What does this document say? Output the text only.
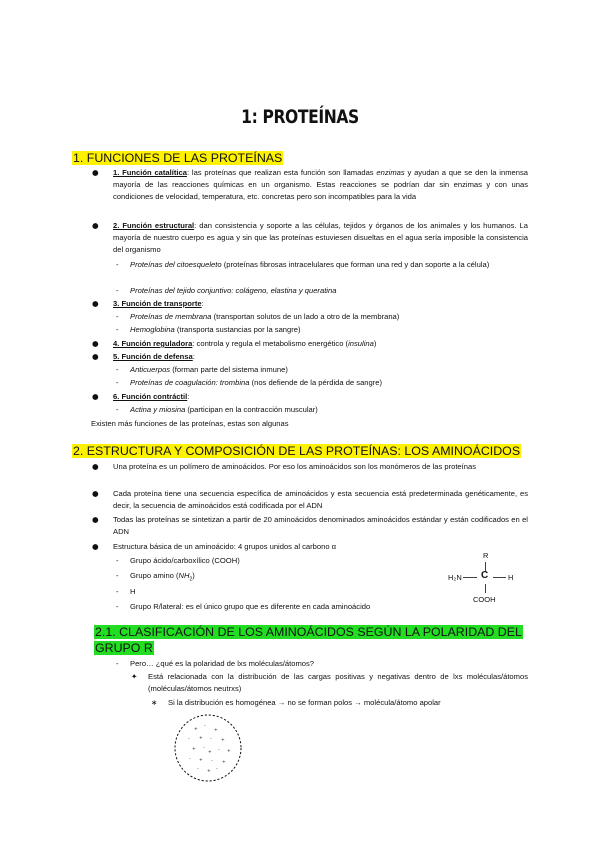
1: PROTEÍNAS
1. FUNCIONES DE LAS PROTEÍNAS
● 1. Función catalítica: las proteínas que realizan esta función son llamadas enzimas y ayudan a que se den la inmensa mayoría de las reacciones químicas en un organismo. Estas reacciones se podrían dar sin enzimas y con unas condiciones de velocidad, temperatura, etc. concretas pero son incompatibles para la vida
● 2. Función estructural: dan consistencia y soporte a las células, tejidos y órganos de los animales y los humanos. La mayoría de nuestro cuerpo es agua y sin que las proteínas estuviesen disueltas en el agua sería imposible la consistencia del organismo
- Proteínas del citoesqueleto (proteínas fibrosas intracelulares que forman una red y dan soporte a la célula)
- Proteínas del tejido conjuntivo: colágeno, elastina y queratina
● 3. Función de transporte:
- Proteínas de membrana (transportan solutos de un lado a otro de la membrana)
- Hemoglobina (transporta sustancias por la sangre)
● 4. Función reguladora: controla y regula el metabolismo energético (insulina)
● 5. Función de defensa:
- Anticuerpos (forman parte del sistema inmune)
- Proteínas de coagulación: trombina (nos defiende de la pérdida de sangre)
● 6. Función contráctil:
- Actina y miosina (participan en la contracción muscular)
Existen más funciones de las proteínas, estas son algunas
2. ESTRUCTURA Y COMPOSICIÓN DE LAS PROTEÍNAS: LOS AMINOÁCIDOS
● Una proteína es un polímero de aminoácidos. Por eso los aminoácidos son los monómeros de las proteínas
● Cada proteína tiene una secuencia específica de aminoácidos y esta secuencia está predeterminada genéticamente, es decir, la secuencia de aminoácidos está codificada por el ADN
● Todas las proteínas se sintetizan a partir de 20 aminoácidos denominados aminoácidos estándar y están codificados en el ADN
● Estructura básica de un aminoácido: 4 grupos unidos al carbono α
- Grupo ácido/carboxílico (COOH)
- Grupo amino $(NH_2)$
- H
- Grupo R/lateral: es el único grupo que es diferente en cada aminoácido
R
H₂N C	H
COOH
2.1. CLASIFICACIÓN DE LOS AMINOÁCIDOS SEGÚN LA POLARIDAD DEL
GRUPO R
- Pero… ¿qué es la polaridad de lxs moléculas/átomos?
✦ Está relacionada con la distribución de las cargas positivas y negativas dentro de lxs moléculas/átomos (moléculas/átomos neutrxs)
∗ Si la distribución es homogénea → no se forman polos → molécula/átomo apolar
+
-
+
- + - +
+ -
+ - +
- + - +
- + -
